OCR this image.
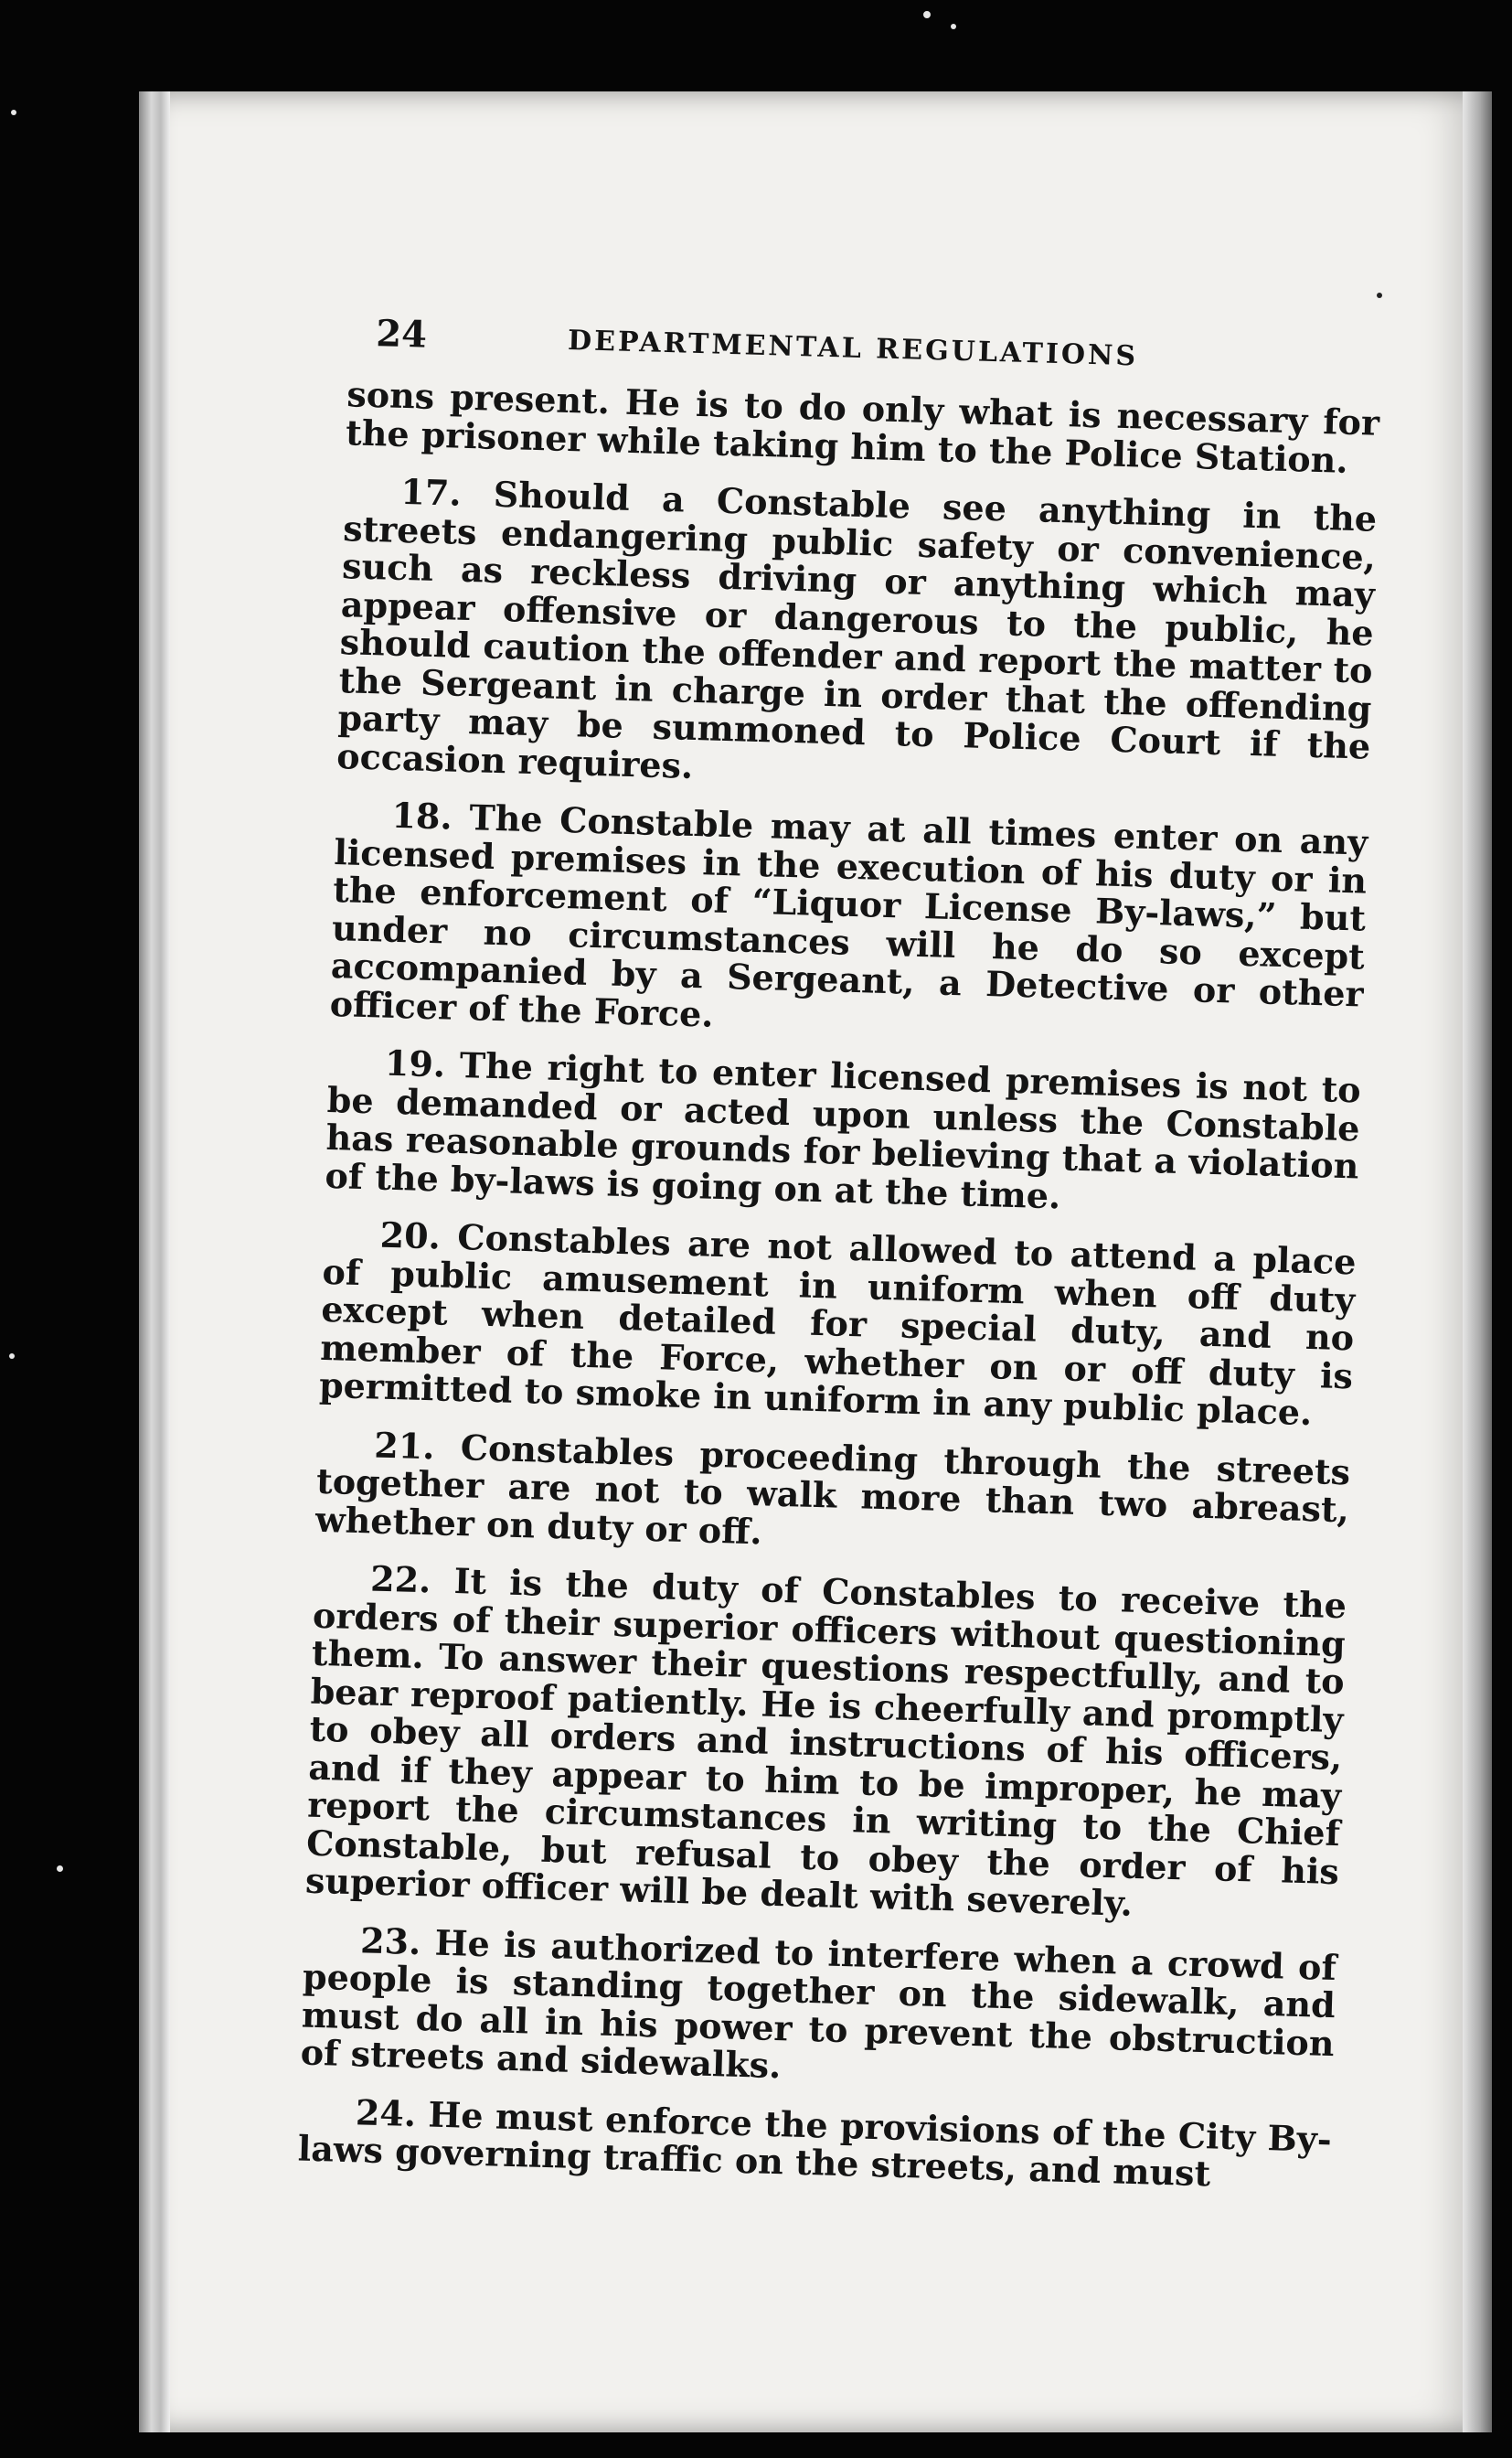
24	DEPARTMENTAL REGULATIONS

sons present. He is to do only what is necessary for the prisoner while taking him to the Police Station.

17. Should a Constable see anything in the streets endangering public safety or convenience, such as reckless driving or anything which may appear offensive or dangerous to the public, he should caution the offender and report the matter to the Sergeant in charge in order that the offending party may be summoned to Police Court if the occasion requires.

18. The Constable may at all times enter on any licensed premises in the execution of his duty or in the enforcement of “Liquor License By-laws,” but under no circumstances will he do so except accompanied by a Sergeant, a Detective or other officer of the Force.

19. The right to enter licensed premises is not to be demanded or acted upon unless the Constable has reasonable grounds for believing that a violation of the by-laws is going on at the time.

20. Constables are not allowed to attend a place of public amusement in uniform when off duty except when detailed for special duty, and no member of the Force, whether on or off duty is permitted to smoke in uniform in any public place.

21. Constables proceeding through the streets together are not to walk more than two abreast, whether on duty or off.

22. It is the duty of Constables to receive the orders of their superior officers without questioning them. To answer their questions respectfully, and to bear reproof patiently. He is cheerfully and promptly to obey all orders and instructions of his officers, and if they appear to him to be improper, he may report the circumstances in writing to the Chief Constable, but refusal to obey the order of his superior officer will be dealt with severely.

23. He is authorized to interfere when a crowd of people is standing together on the sidewalk, and must do all in his power to prevent the obstruction of streets and sidewalks.

24. He must enforce the provisions of the City By-laws governing traffic on the streets, and must
